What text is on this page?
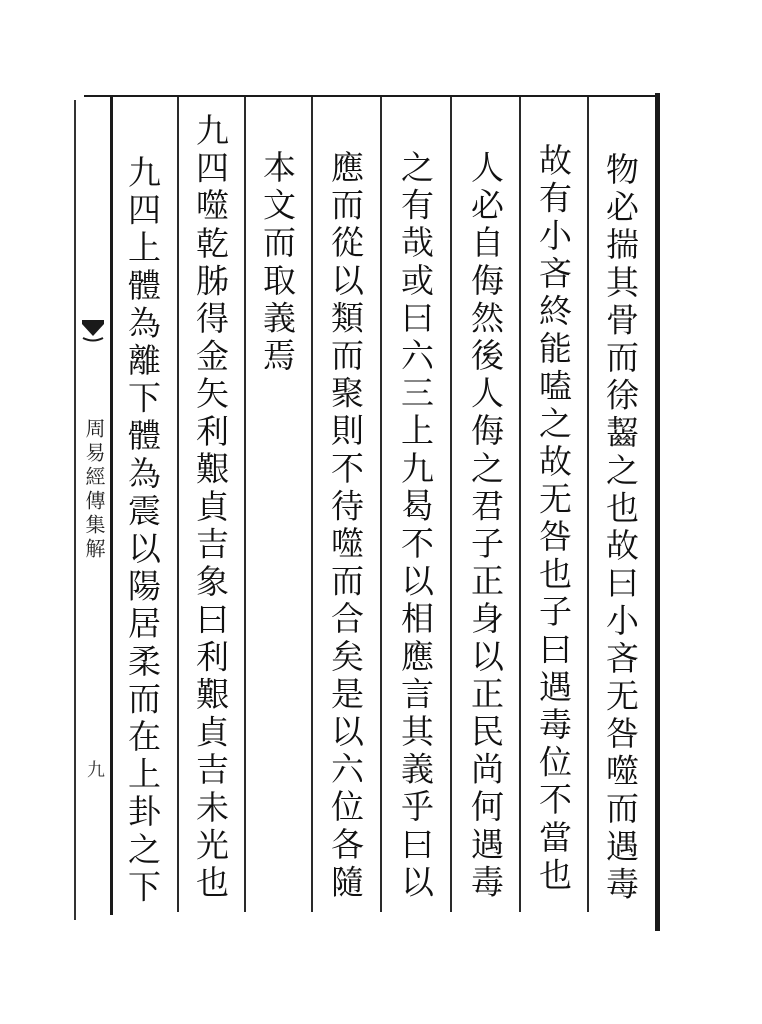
物必揣其骨而徐齧之也故曰小吝无咎噬而遇毒
故有小吝終能嗑之故无咎也子曰遇毒位不當也
人必自侮然後人侮之君子正身以正民尚何遇毒
之有哉或曰六三上九曷不以相應言其義乎曰以
應而從以類而聚則不待噬而合矣是以六位各隨
本文而取義焉
九四噬乾胏得金矢利艱貞吉象曰利艱貞吉未光也
九四上體為離下體為震以陽居柔而在上卦之下
周易經傳集解
九
